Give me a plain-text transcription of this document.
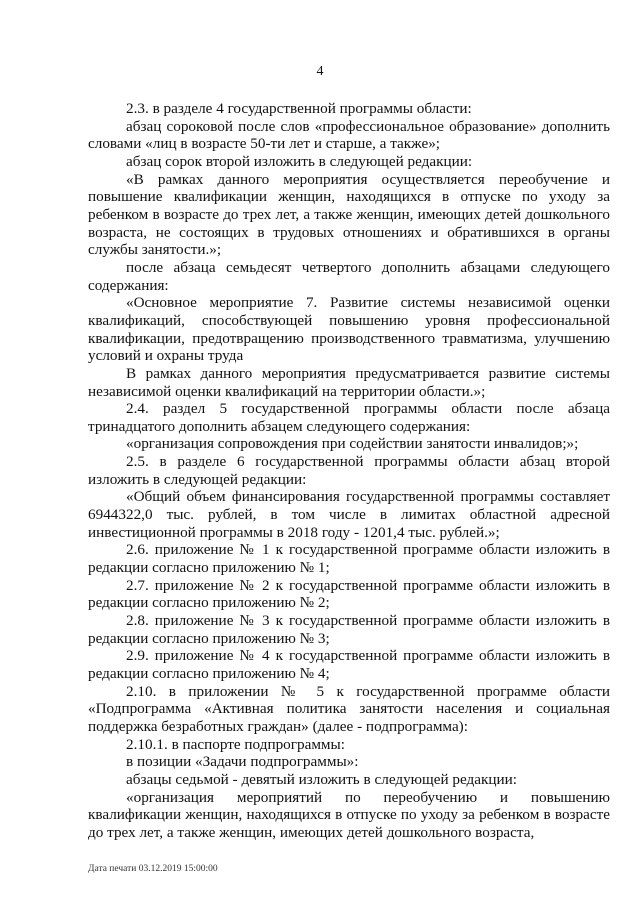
4

2.3. в разделе 4 государственной программы области:

абзац сороковой после слов «профессиональное образование» дополнить словами «лиц в возрасте 50-ти лет и старше, а также»;

абзац сорок второй изложить в следующей редакции:

«В рамках данного мероприятия осуществляется переобучение и повышение квалификации женщин, находящихся в отпуске по уходу за ребенком в возрасте до трех лет, а также женщин, имеющих детей дошкольного возраста, не состоящих в трудовых отношениях и обратившихся в органы службы занятости.»;

после абзаца семьдесят четвертого дополнить абзацами следующего содержания:

«Основное мероприятие 7. Развитие системы независимой оценки квалификаций, способствующей повышению уровня профессиональной квалификации, предотвращению производственного травматизма, улучшению условий и охраны труда

В рамках данного мероприятия предусматривается развитие системы независимой оценки квалификаций на территории области.»;

2.4. раздел 5 государственной программы области после абзаца тринадцатого дополнить абзацем следующего содержания:

«организация сопровождения при содействии занятости инвалидов;»;

2.5. в разделе 6 государственной программы области абзац второй изложить в следующей редакции:

«Общий объем финансирования государственной программы составляет 6944322,0 тыс. рублей, в том числе в лимитах областной адресной инвестиционной программы в 2018 году - 1201,4 тыс. рублей.»;

2.6. приложение № 1 к государственной программе области изложить в редакции согласно приложению № 1;

2.7. приложение № 2 к государственной программе области изложить в редакции согласно приложению № 2;

2.8. приложение № 3 к государственной программе области изложить в редакции согласно приложению № 3;

2.9. приложение № 4 к государственной программе области изложить в редакции согласно приложению № 4;

2.10. в приложении № 5 к государственной программе области «Подпрограмма «Активная политика занятости населения и социальная поддержка безработных граждан» (далее - подпрограмма):

2.10.1. в паспорте подпрограммы:

в позиции «Задачи подпрограммы»:

абзацы седьмой - девятый изложить в следующей редакции:

«организация мероприятий по переобучению и повышению квалификации женщин, находящихся в отпуске по уходу за ребенком в возрасте до трех лет, а также женщин, имеющих детей дошкольного возраста,

Дата печати 03.12.2019 15:00:00
